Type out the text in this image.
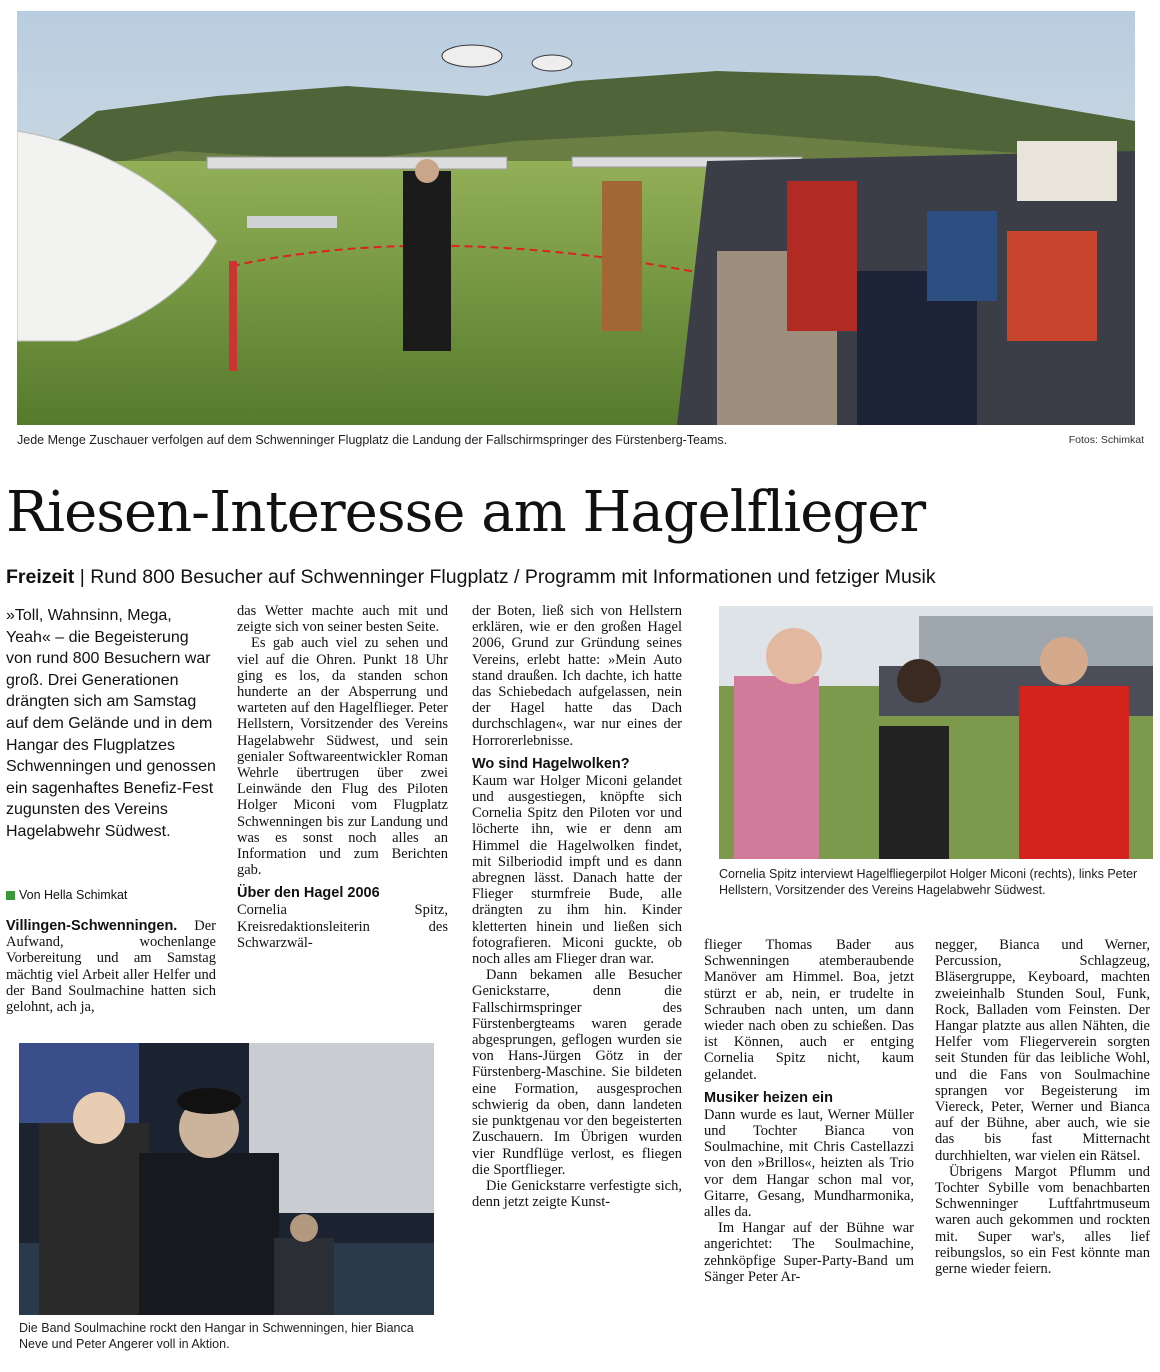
Jede Menge Zuschauer verfolgen auf dem Schwenninger Flugplatz die Landung der Fallschirmspringer des Fürstenberg-Teams.	Fotos: Schimkat
Riesen-Interesse am Hagelflieger
Freizeit | Rund 800 Besucher auf Schwenninger Flugplatz / Programm mit Informationen und fetziger Musik

»Toll, Wahnsinn, Mega, Yeah« – die Begeisterung von rund 800 Besuchern war groß. Drei Generationen drängten sich am Samstag auf dem Gelände und in dem Hangar des Flugplatzes Schwenningen und genossen ein sagenhaftes Benefiz-Fest zugunsten des Vereins Hagelabwehr Südwest.

Von Hella Schimkat

Villingen-Schwenningen. Der Aufwand, wochenlange Vorbereitung und am Samstag mächtig viel Arbeit aller Helfer und der Band Soulmachine hatten sich gelohnt, ach ja,

das Wetter machte auch mit und zeigte sich von seiner besten Seite.

Es gab auch viel zu sehen und viel auf die Ohren. Punkt 18 Uhr ging es los, da standen schon hunderte an der Absperrung und warteten auf den Hagelflieger. Peter Hellstern, Vorsitzender des Vereins Hagelabwehr Südwest, und sein genialer Softwareentwickler Roman Wehrle übertrugen über zwei Leinwände den Flug des Piloten Holger Miconi vom Flugplatz Schwenningen bis zur Landung und was es sonst noch alles an Information und zum Berichten gab.

Über den Hagel 2006

Cornelia Spitz, Kreisredaktionsleiterin des Schwarzwäl-

der Boten, ließ sich von Hellstern erklären, wie er den großen Hagel 2006, Grund zur Gründung seines Vereins, erlebt hatte: »Mein Auto stand draußen. Ich dachte, ich hatte das Schiebedach aufgelassen, nein der Hagel hatte das Dach durchschlagen«, war nur eines der Horrorerlebnisse.

Wo sind Hagelwolken?

Kaum war Holger Miconi gelandet und ausgestiegen, knöpfte sich Cornelia Spitz den Piloten vor und löcherte ihn, wie er denn am Himmel die Hagelwolken findet, mit Silberiodid impft und es dann abregnen lässt. Danach hatte der Flieger sturmfreie Bude, alle drängten zu ihm hin. Kinder kletterten hinein und ließen sich fotografieren. Miconi guckte, ob noch alles am Flieger dran war.

Dann bekamen alle Besucher Genickstarre, denn die Fallschirmspringer des Fürstenbergteams waren gerade abgesprungen, geflogen wurden sie von Hans-Jürgen Götz in der Fürstenberg-Maschine. Sie bildeten eine Formation, ausgesprochen schwierig da oben, dann landeten sie punktgenau vor den begeisterten Zuschauern. Im Übrigen wurden vier Rundflüge verlost, es fliegen die Sportflieger.

Die Genickstarre verfestigte sich, denn jetzt zeigte Kunst-

Cornelia Spitz interviewt Hagelfliegerpilot Holger Miconi (rechts), links Peter Hellstern, Vorsitzender des Vereins Hagelabwehr Südwest.

flieger Thomas Bader aus Schwenningen atemberaubende Manöver am Himmel. Boa, jetzt stürzt er ab, nein, er trudelte in Schrauben nach unten, um dann wieder nach oben zu schießen. Das ist Können, auch er entging Cornelia Spitz nicht, kaum gelandet.

Musiker heizen ein

Dann wurde es laut, Werner Müller und Tochter Bianca von Soulmachine, mit Chris Castellazzi von den »Brillos«, heizten als Trio vor dem Hangar schon mal vor, Gitarre, Gesang, Mundharmonika, alles da.

Im Hangar auf der Bühne war angerichtet: The Soulmachine, zehnköpfige Super-Party-Band um Sänger Peter Ar-

negger, Bianca und Werner, Percussion, Schlagzeug, Bläsergruppe, Keyboard, machten zweieinhalb Stunden Soul, Funk, Rock, Balladen vom Feinsten. Der Hangar platzte aus allen Nähten, die Helfer vom Fliegerverein sorgten seit Stunden für das leibliche Wohl, und die Fans von Soulmachine sprangen vor Begeisterung im Viereck, Peter, Werner und Bianca auf der Bühne, aber auch, wie sie das bis fast Mitternacht durchhielten, war vielen ein Rätsel.

Übrigens Margot Pflumm und Tochter Sybille vom benachbarten Schwenninger Luftfahrtmuseum waren auch gekommen und rockten mit. Super war's, alles lief reibungslos, so ein Fest könnte man gerne wieder feiern.

Die Band Soulmachine rockt den Hangar in Schwenningen, hier Bianca Neve und Peter Angerer voll in Aktion.
